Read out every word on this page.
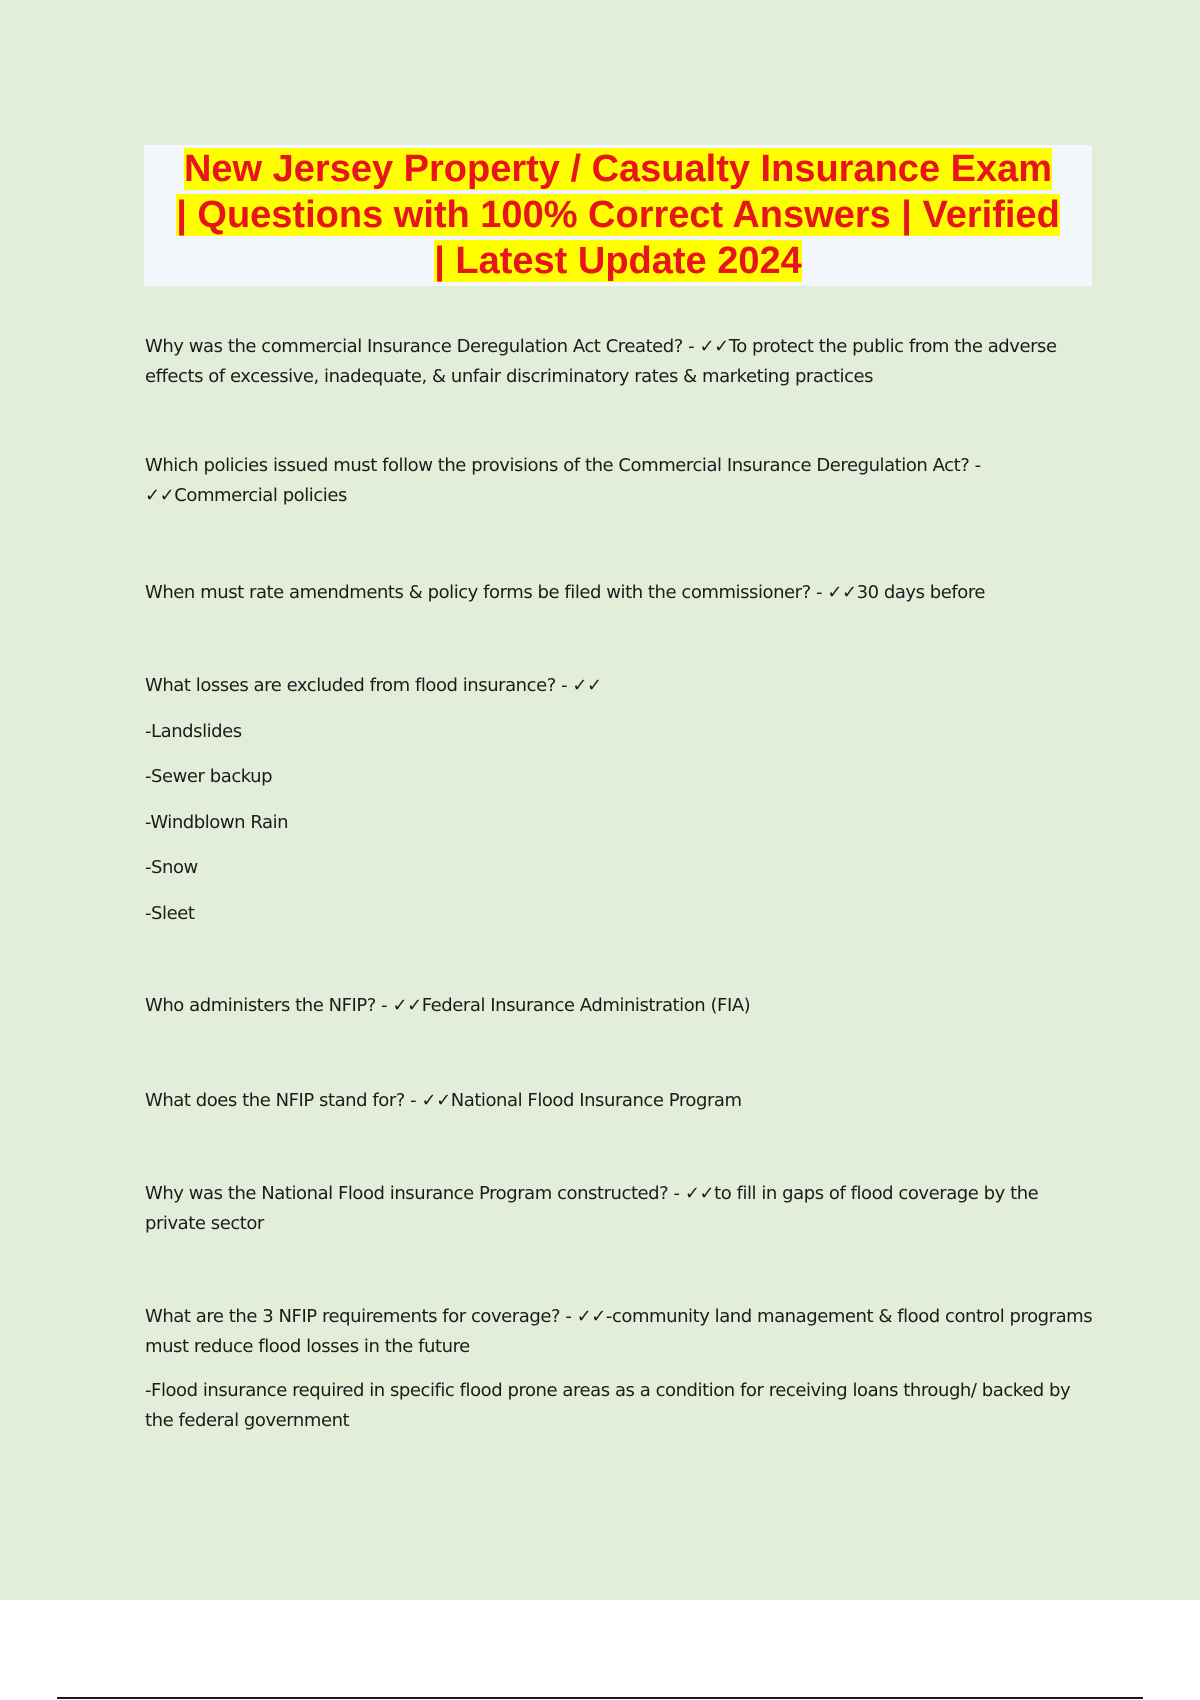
New Jersey Property / Casualty Insurance Exam
| Questions with 100% Correct Answers | Verified
| Latest Update 2024

Why was the commercial Insurance Deregulation Act Created? - ✓✓To protect the public from the adverse effects of excessive, inadequate, & unfair discriminatory rates & marketing practices

Which policies issued must follow the provisions of the Commercial Insurance Deregulation Act? - ✓✓Commercial policies

When must rate amendments & policy forms be filed with the commissioner? - ✓✓30 days before

What losses are excluded from flood insurance? - ✓✓

-Landslides

-Sewer backup

-Windblown Rain

-Snow

-Sleet

Who administers the NFIP? - ✓✓Federal Insurance Administration (FIA)

What does the NFIP stand for? - ✓✓National Flood Insurance Program

Why was the National Flood insurance Program constructed? - ✓✓to fill in gaps of flood coverage by the private sector

What are the 3 NFIP requirements for coverage? - ✓✓-community land management & flood control programs must reduce flood losses in the future

-Flood insurance required in specific flood prone areas as a condition for receiving loans through/ backed by the federal government
